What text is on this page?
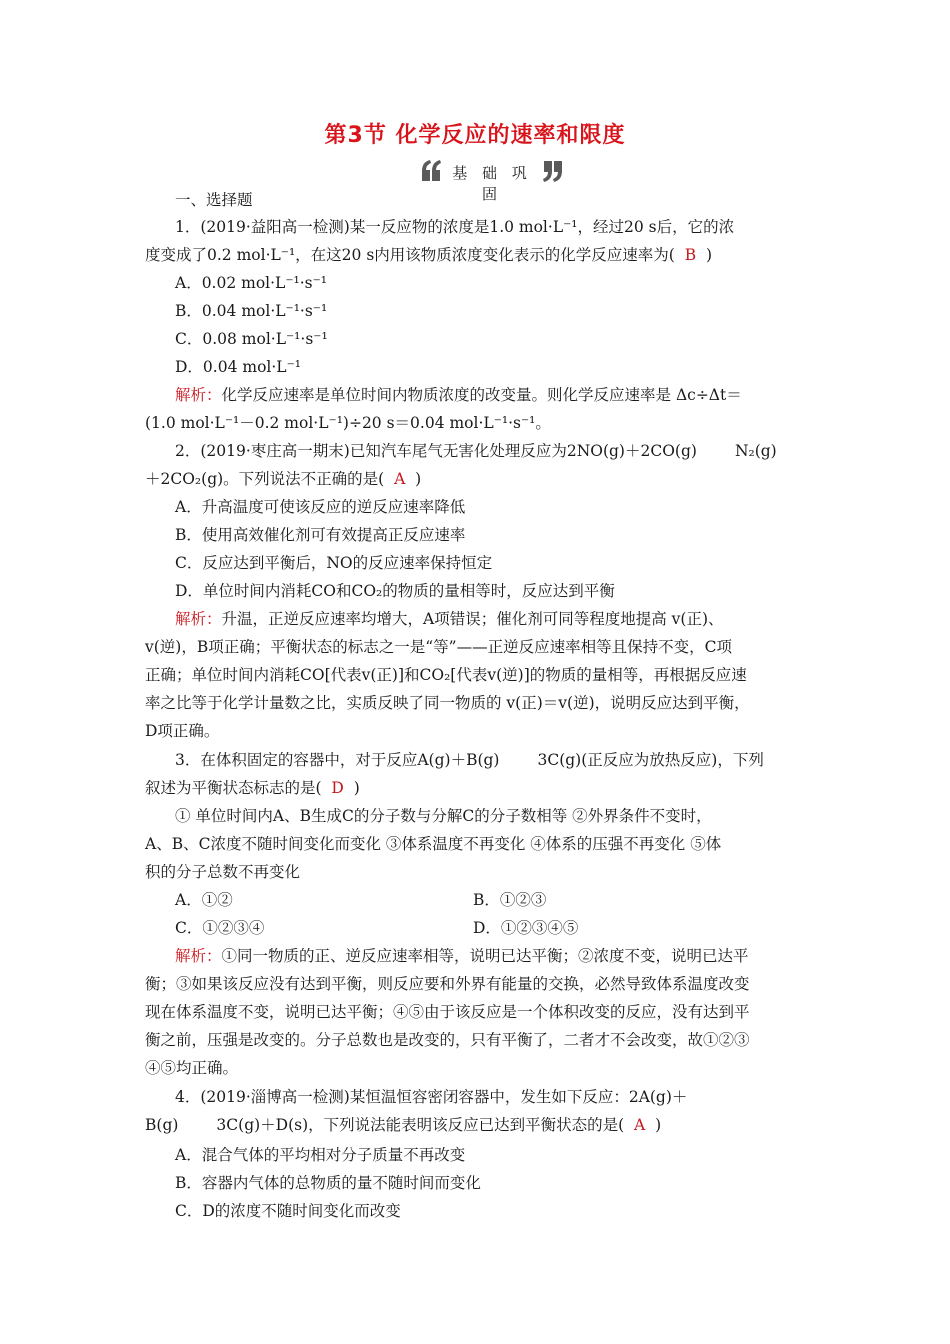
第3节 化学反应的速率和限度
基 础 巩 固
一、选择题
1．(2019·益阳高一检测)某一反应物的浓度是1.0 mol·L⁻¹，经过20 s后，它的浓
度变成了0.2 mol·L⁻¹，在这20 s内用该物质浓度变化表示的化学反应速率为( B )
A．0.02 mol·L⁻¹·s⁻¹
B．0.04 mol·L⁻¹·s⁻¹
C．0.08 mol·L⁻¹·s⁻¹
D．0.04 mol·L⁻¹
解析：化学反应速率是单位时间内物质浓度的改变量。则化学反应速率是 Δc÷Δt＝
(1.0 mol·L⁻¹－0.2 mol·L⁻¹)÷20 s＝0.04 mol·L⁻¹·s⁻¹。
2．(2019·枣庄高一期末)已知汽车尾气无害化处理反应为2NO(g)＋2CO(g) N₂(g)
＋2CO₂(g)。下列说法不正确的是( A )
A．升高温度可使该反应的逆反应速率降低
B．使用高效催化剂可有效提高正反应速率
C．反应达到平衡后，NO的反应速率保持恒定
D．单位时间内消耗CO和CO₂的物质的量相等时，反应达到平衡
解析：升温，正逆反应速率均增大，A项错误；催化剂可同等程度地提高 v(正)、
v(逆)，B项正确；平衡状态的标志之一是“等”——正逆反应速率相等且保持不变，C项
正确；单位时间内消耗CO[代表v(正)]和CO₂[代表v(逆)]的物质的量相等，再根据反应速
率之比等于化学计量数之比，实质反映了同一物质的 v(正)＝v(逆)，说明反应达到平衡，
D项正确。
3．在体积固定的容器中，对于反应A(g)＋B(g) 3C(g)(正反应为放热反应)，下列
叙述为平衡状态标志的是( D )
① 单位时间内A、B生成C的分子数与分解C的分子数相等 ②外界条件不变时，
A、B、C浓度不随时间变化而变化 ③体系温度不再变化 ④体系的压强不再变化 ⑤体
积的分子总数不再变化
A．①②	B．①②③
C．①②③④	D．①②③④⑤
解析：①同一物质的正、逆反应速率相等，说明已达平衡；②浓度不变，说明已达平
衡；③如果该反应没有达到平衡，则反应要和外界有能量的交换，必然导致体系温度改变
现在体系温度不变，说明已达平衡；④⑤由于该反应是一个体积改变的反应，没有达到平
衡之前，压强是改变的。分子总数也是改变的，只有平衡了，二者才不会改变，故①②③
④⑤均正确。
4．(2019·淄博高一检测)某恒温恒容密闭容器中，发生如下反应：2A(g)＋
B(g) 3C(g)＋D(s)，下列说法能表明该反应已达到平衡状态的是( A )
A．混合气体的平均相对分子质量不再改变
B．容器内气体的总物质的量不随时间而变化
C．D的浓度不随时间变化而改变
